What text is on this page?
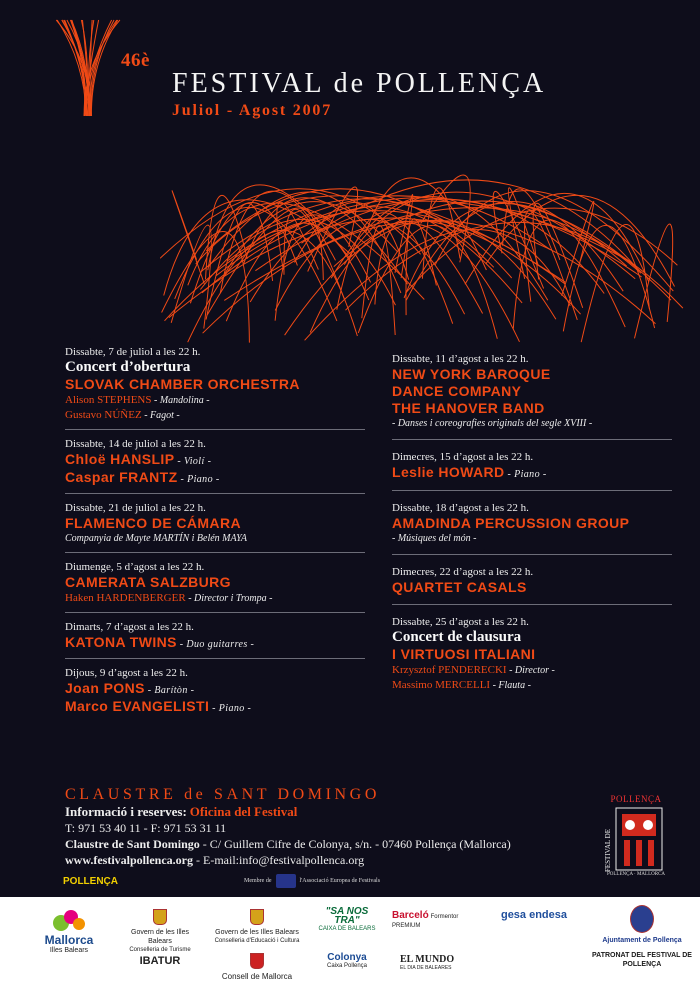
46è
FESTIVAL de POLLENÇA
Juliol - Agost 2007
Dissabte, 7 de juliol a les 22 h.
Concert d’obertura
SLOVAK CHAMBER ORCHESTRA
Alison STEPHENS - Mandolina -
Gustavo NÚÑEZ - Fagot -
Dissabte, 14 de juliol a les 22 h.
Chloë HANSLIP - Violí -
Caspar FRANTZ - Piano -
Dissabte, 21 de juliol a les 22 h.
FLAMENCO DE CÁMARA
Companyia de Mayte MARTÍN i Belén MAYA
Diumenge, 5 d’agost a les 22 h.
CAMERATA SALZBURG
Haken HARDENBERGER - Director i Trompa -
Dimarts, 7 d’agost a les 22 h.
KATONA TWINS - Duo guitarres -
Dijous, 9 d’agost a les 22 h.
Joan PONS - Barítòn -
Marco EVANGELISTI - Piano -
Dissabte, 11 d’agost a les 22 h.
NEW YORK BAROQUE
DANCE COMPANY
THE HANOVER BAND
- Danses i coreografies originals del segle XVIII -
Dimecres, 15 d’agost a les 22 h.
Leslie HOWARD - Piano -
Dissabte, 18 d’agost a les 22 h.
AMADINDA PERCUSSION GROUP
- Músiques del món -
Dimecres, 22 d’agost a les 22 h.
QUARTET CASALS
Dissabte, 25 d’agost a les 22 h.
Concert de clausura
I VIRTUOSI ITALIANI
Krzysztof PENDERECKI - Director -
Massimo MERCELLI - Flauta -
CLAUSTRE de SANT DOMINGO
Informació i reserves: Oficina del Festival
T: 971 53 40 11 - F: 971 53 31 11
Claustre de Sant Domingo - C/ Guillem Cifre de Colonya, s/n. - 07460 Pollença (Mallorca)
www.festivalpollenca.org - E-mail:info@festivalpollenca.org
POLLENÇA	Membre de	l'Associació Europea de Festivals
POLLENÇA
FESTIVAL DE
POLLENÇA · MALLORCA
Mallorca
Illes Balears
Govern de les Illes Balears
Conselleria de Turisme
IBATUR
Govern de les Illes Balears
Conselleria d'Educació i Cultura
Consell de Mallorca
"SA NOS TRA"
CAIXA DE BALEARS
Colonya
Caixa Pollença
Barceló Formentor
PREMIUM
EL MUNDO
EL DIA DE BALEARES
gesa endesa
Ajuntament de Pollença
PATRONAT DEL FESTIVAL DE POLLENÇA
